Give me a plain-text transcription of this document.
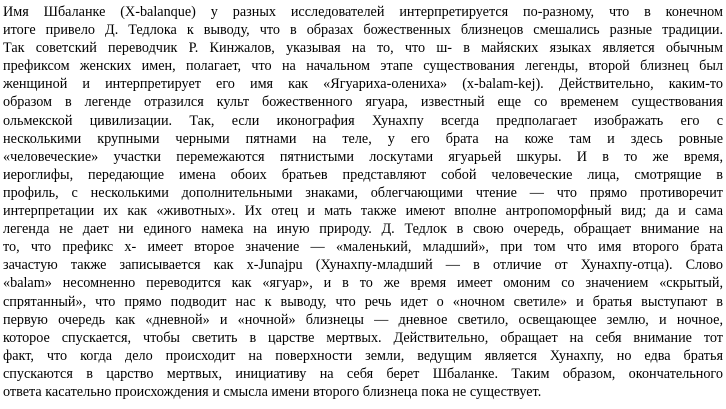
Имя Шбаланке (X-balanque) у разных исследователей интерпретируется по-разному, что в конечном
итоге привело Д. Тедлока к выводу, что в образах божественных близнецов смешались разные традиции.
Так советский переводчик Р. Кинжалов, указывая на то, что ш- в майяских языках является обычным
префиксом женских имен, полагает, что на начальном этапе существования легенды, второй близнец был
женщиной и интерпретирует его имя как «Ягуариха-олениха» (x-balam-kej). Действительно, каким-то
образом в легенде отразился культ божественного ягуара, известный еще со временем существования
ольмекской цивилизации. Так, если иконография Хунахпу всегда предполагает изображать его с
несколькими крупными черными пятнами на теле, у его брата на коже там и здесь ровные
«человеческие» участки перемежаются пятнистыми лоскутами ягуарьей шкуры. И в то же время,
иероглифы, передающие имена обоих братьев представляют собой человеческие лица, смотрящие в
профиль, с несколькими дополнительными знаками, облегчающими чтение — что прямо противоречит
интерпретации их как «животных». Их отец и мать также имеют вполне антропоморфный вид; да и сама
легенда не дает ни единого намека на иную природу. Д. Тедлок в свою очередь, обращает внимание на
то, что префикс x- имеет второе значение — «маленький, младший», при том что имя второго брата
зачастую также записывается как x-Junajpu (Хунахпу-младший — в отличие от Хунахпу-отца). Слово
«balam» несомненно переводится как «ягуар», и в то же время имеет омоним со значением «скрытый,
спрятанный», что прямо подводит нас к выводу, что речь идет о «ночном светиле» и братья выступают в
первую очередь как «дневной» и «ночной» близнецы — дневное светило, освещающее землю, и ночное,
которое спускается, чтобы светить в царстве мертвых. Действительно, обращает на себя внимание тот
факт, что когда дело происходит на поверхности земли, ведущим является Хунахпу, но едва братья
спускаются в царство мертвых, инициативу на себя берет Шбаланке. Таким образом, окончательного
ответа касательно происхождения и смысла имени второго близнеца пока не существует.
